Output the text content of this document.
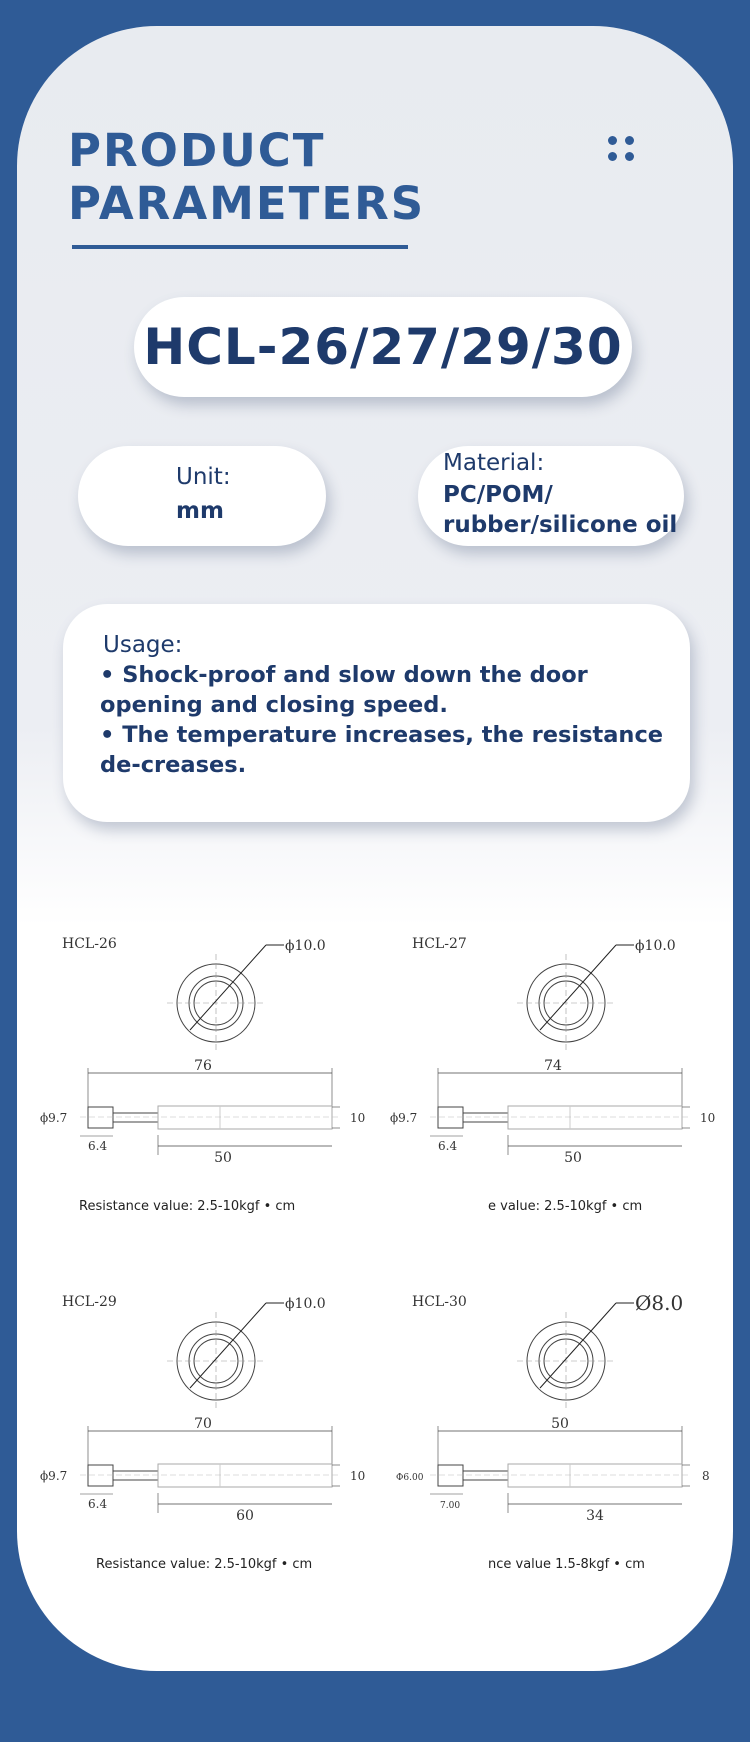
PRODUCT
PARAMETERS
HCL-26/27/29/30
Unit:
mm
Material:
PC/POM/
rubber/silicone oil
Usage:

• Shock-proof and slow down the door opening and closing speed.

• The temperature increases, the resistance de-creases.

HCL-26	ϕ10.0
76
50
ϕ9.7
6.4
10
Resistance value: 2.5-10kgf • cm
HCL-27	ϕ10.0
74
50
ϕ9.7
6.4
10
e value: 2.5-10kgf • cm
HCL-29	ϕ10.0
70
60
ϕ9.7
6.4
10
Resistance value: 2.5-10kgf • cm
HCL-30	Ø8.0
50
34
Φ6.00
7.00
8
nce value 1.5-8kgf • cm
